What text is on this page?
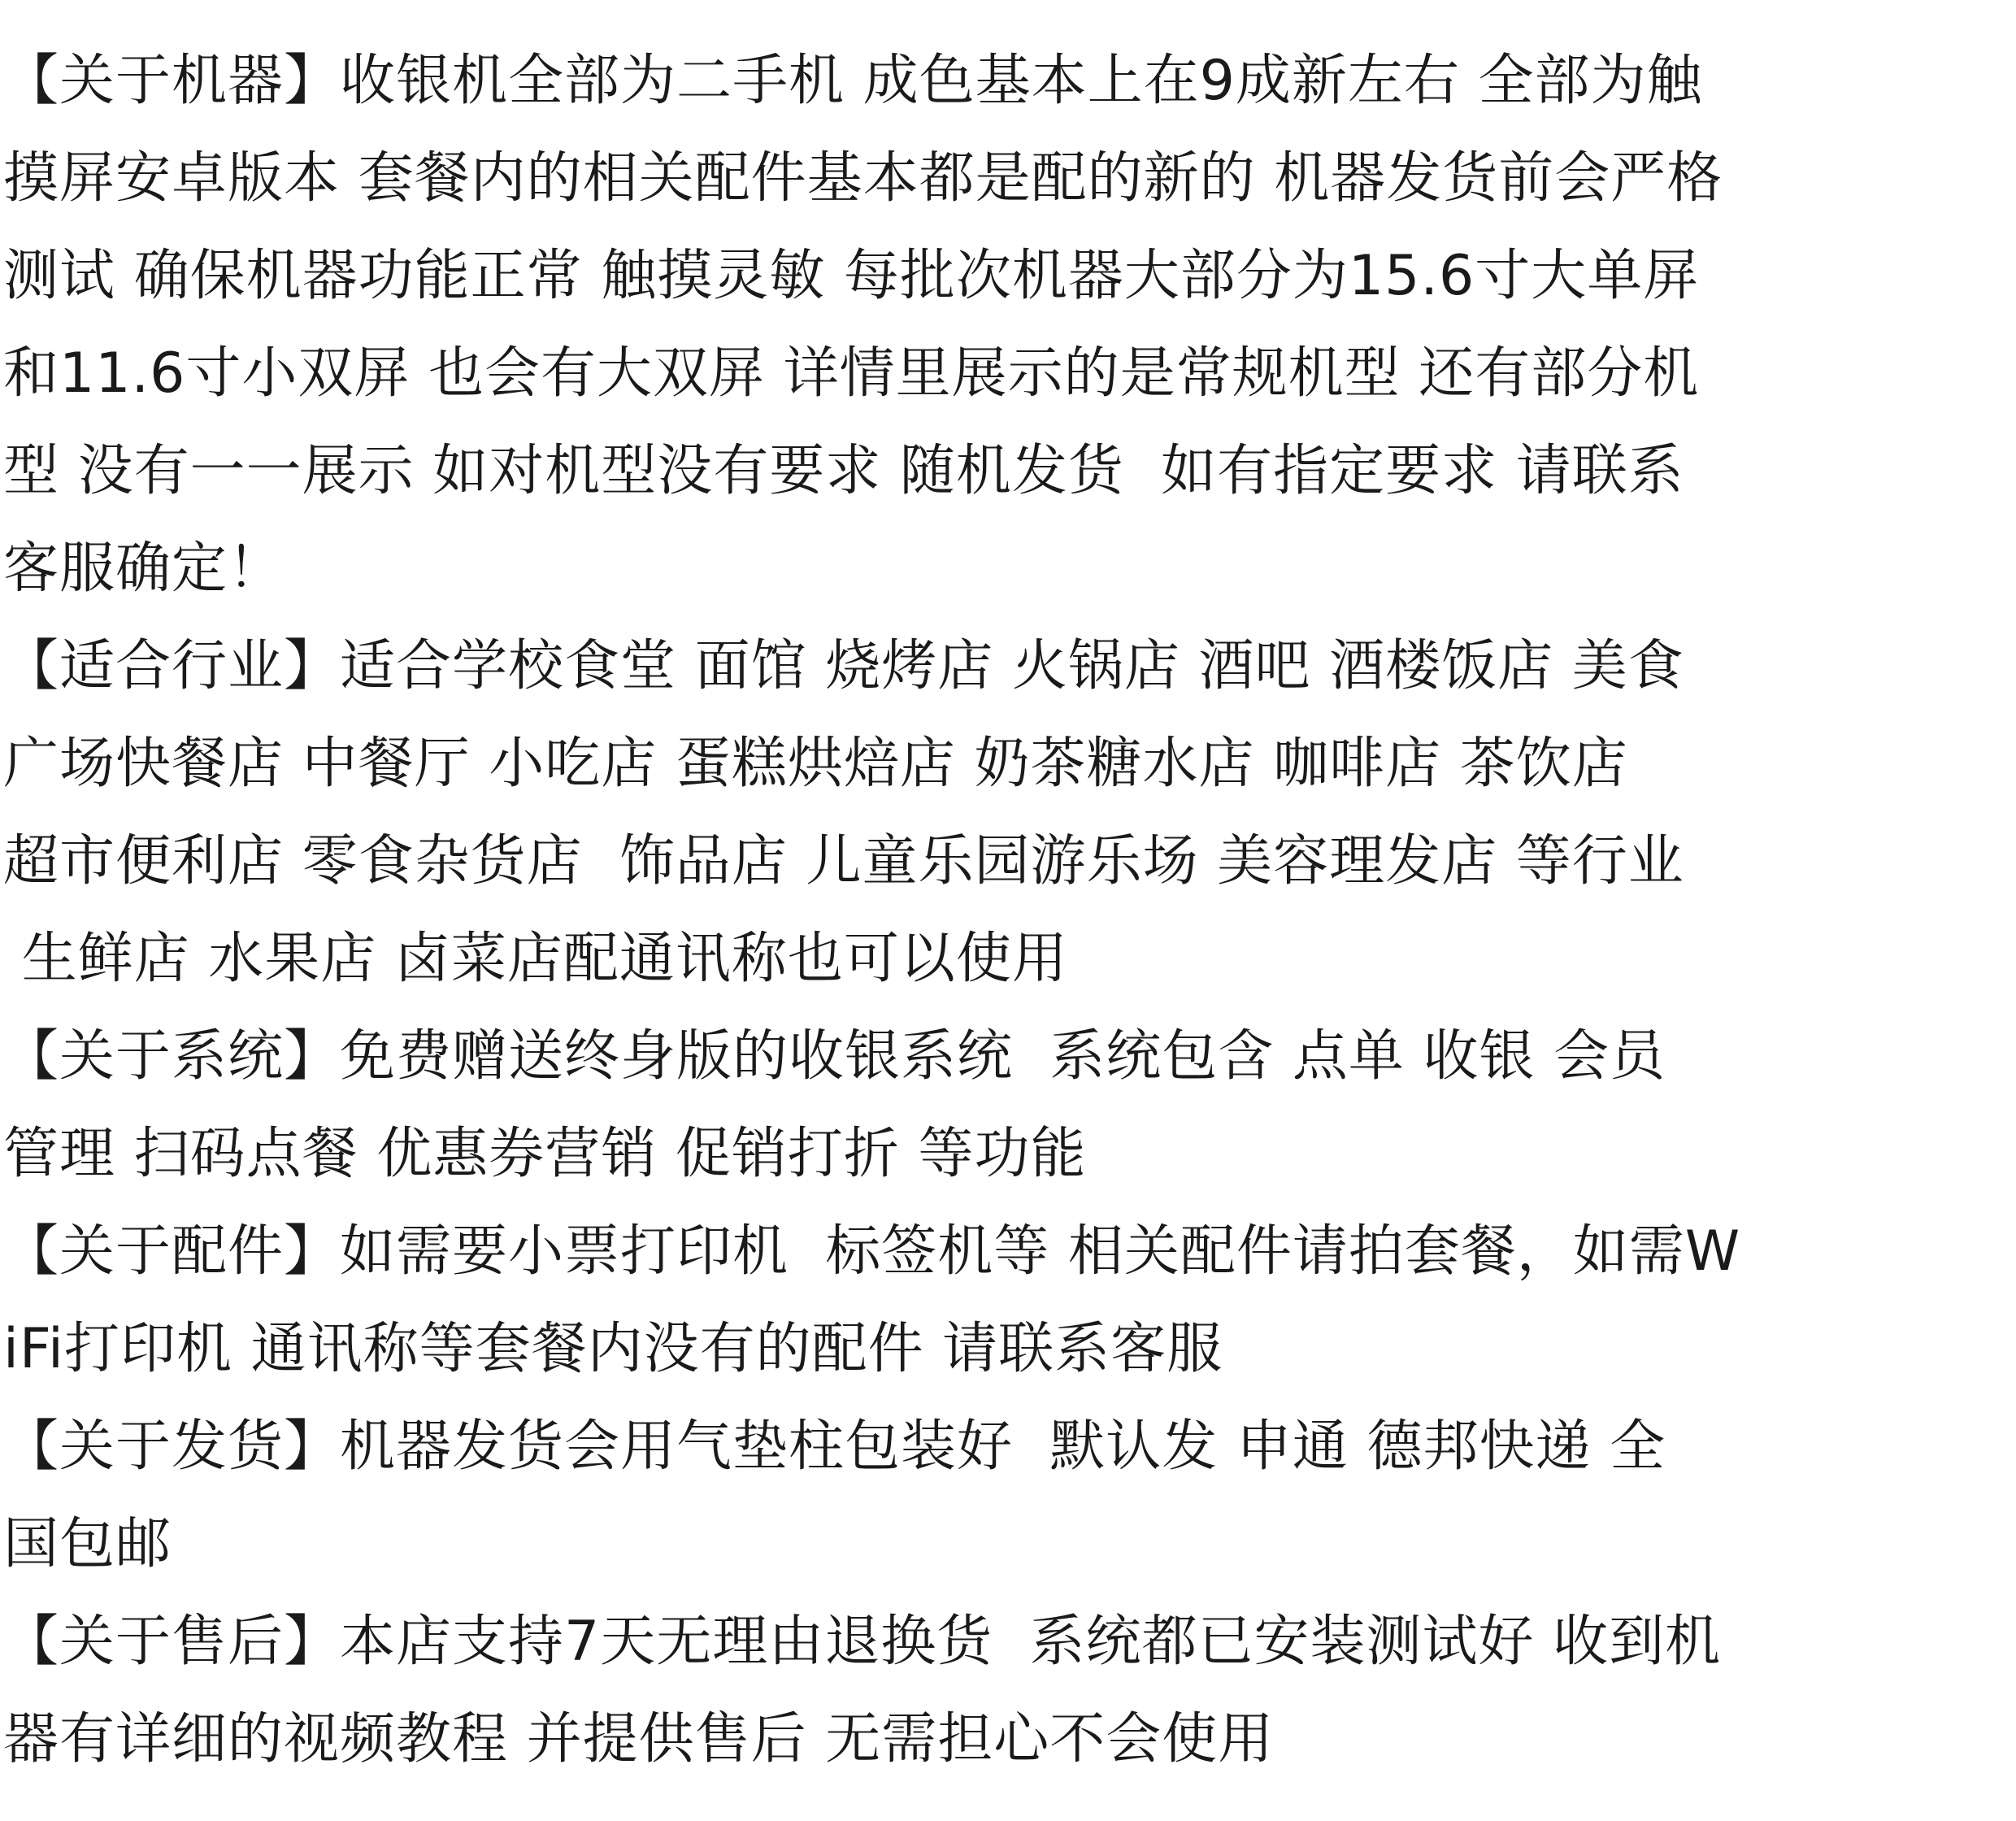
【关于机器】收银机全部为二手机 成色基本上在9成新左右 全部为触
摸屏安卓版本 套餐内的相关配件基本都是配的新的 机器发货前会严格
测试 确保机器功能正常 触摸灵敏 每批次机器大部分为15.6寸大单屏
和11.6寸小双屏 也会有大双屏 详情里展示的是常规机型 还有部分机
型 没有一一展示 如对机型没有要求 随机发货  如有指定要求 请联系
客服确定！
【适合行业】适合学校食堂 面馆 烧烤店 火锅店 酒吧 酒楼饭店 美食
广场快餐店 中餐厅 小吃店 蛋糕烘焙店 奶茶糖水店 咖啡店 茶饮店
超市便利店 零食杂货店  饰品店 儿童乐园游乐场 美容理发店 等行业
生鲜店 水果店 卤菜店配通讯称也可以使用
【关于系统】免费赠送终身版的收银系统  系统包含 点单 收银 会员
管理 扫码点餐 优惠券营销 促销打折 等功能
【关于配件】如需要小票打印机  标签机等 相关配件请拍套餐，如需W
iFi打印机 通讯称等套餐内没有的配件 请联系客服
【关于发货】机器发货会用气垫柱包装好  默认发 申通 德邦快递 全
国包邮
【关于售后】本店支持7天无理由退换货  系统都已安装测试好 收到机
器有详细的视频教程 并提供售后 无需担心不会使用
